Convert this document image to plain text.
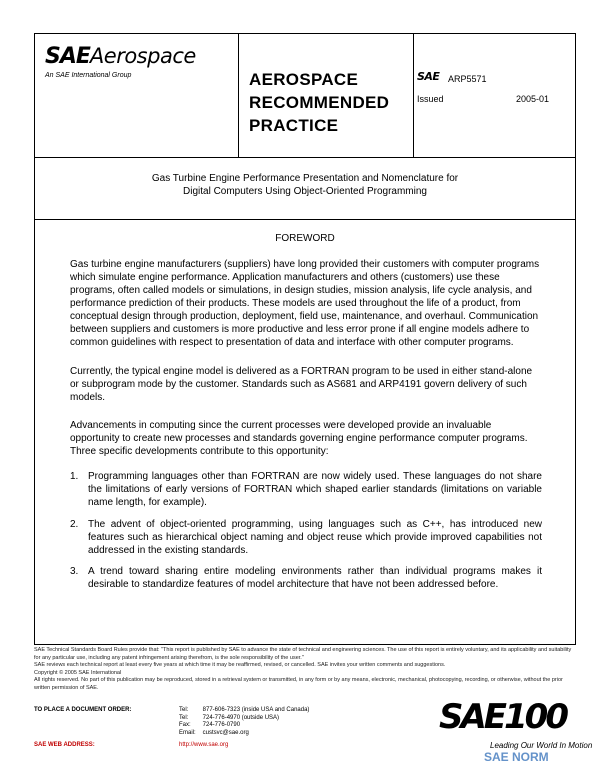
SAEAerospace
An SAE International Group	AEROSPACE
RECOMMENDED
PRACTICE
SAE ARP5571
Issued	2005-01
Gas Turbine Engine Performance Presentation and Nomenclature for
Digital Computers Using Object-Oriented Programming
FOREWORD
Gas turbine engine manufacturers (suppliers) have long provided their customers with computer programs which simulate engine performance. Application manufacturers and others (customers) use these programs, often called models or simulations, in design studies, mission analysis, life cycle analysis, and performance prediction of their products. These models are used throughout the life of a product, from conceptual design through production, deployment, field use, maintenance, and overhaul. Communication between suppliers and customers is more productive and less error prone if all engine models adhere to common guidelines with respect to presentation of data and interface with other computer programs.
Currently, the typical engine model is delivered as a FORTRAN program to be used in either stand-alone or subprogram mode by the customer. Standards such as AS681 and ARP4191 govern delivery of such models.
Advancements in computing since the current processes were developed provide an invaluable opportunity to create new processes and standards governing engine performance computer programs. Three specific developments contribute to this opportunity:
1. Programming languages other than FORTRAN are now widely used. These languages do not share the limitations of early versions of FORTRAN which shaped earlier standards (limitations on variable name length, for example).
2. The advent of object-oriented programming, using languages such as C++, has introduced new features such as hierarchical object naming and object reuse which provide improved capabilities not addressed in the existing standards.
3. A trend toward sharing entire modeling environments rather than individual programs makes it desirable to standardize features of model architecture that have not been addressed before.

SAE Technical Standards Board Rules provide that: "This report is published by SAE to advance the state of technical and engineering sciences. The use of this report is entirely voluntary, and its applicability and suitability for any particular use, including any patent infringement arising therefrom, is the sole responsibility of the user."

SAE reviews each technical report at least every five years at which time it may be reaffirmed, revised, or cancelled. SAE invites your written comments and suggestions.

Copyright © 2005 SAE International

All rights reserved. No part of this publication may be reproduced, stored in a retrieval system or transmitted, in any form or by any means, electronic, mechanical, photocopying, recording, or otherwise, without the prior written permission of SAE.

TO PLACE A DOCUMENT ORDER:	Tel: 877-606-7323 (inside USA and Canada)
Tel: 724-776-4970 (outside USA)
Fax: 724-776-0790
Email: custsvc@sae.org
SAE WEB ADDRESS:	http://www.sae.org
SAE100
Leading Our World In Motion
SAE NORM
